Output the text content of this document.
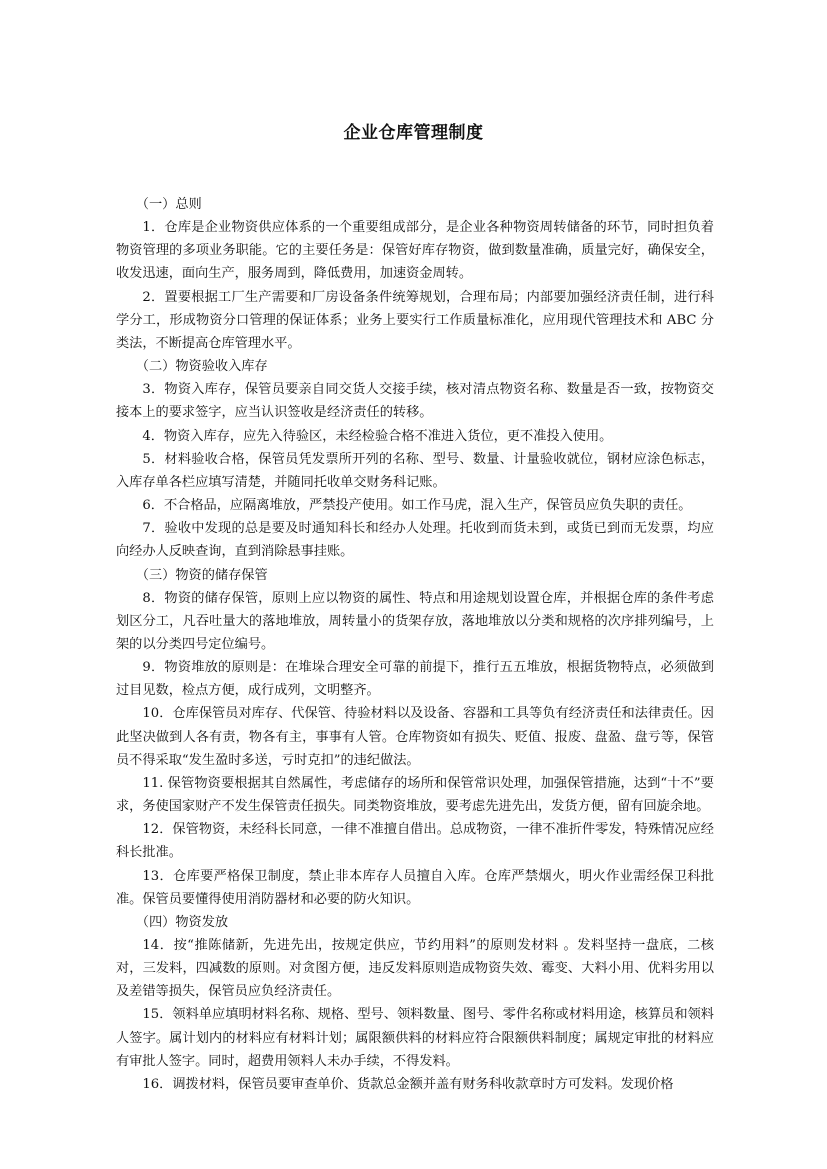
企业仓库管理制度

（一）总则

1．仓库是企业物资供应体系的一个重要组成部分，是企业各种物资周转储备的环节，同时担负着物资管理的多项业务职能。它的主要任务是：保管好库存物资，做到数量准确，质量完好，确保安全，收发迅速，面向生产，服务周到，降低费用，加速资金周转。

2．置要根据工厂生产需要和厂房设备条件统筹规划，合理布局；内部要加强经济责任制，进行科学分工，形成物资分口管理的保证体系；业务上要实行工作质量标准化，应用现代管理技术和 ABC 分类法，不断提高仓库管理水平。

（二）物资验收入库存

3．物资入库存，保管员要亲自同交货人交接手续，核对清点物资名称、数量是否一致，按物资交接本上的要求签字，应当认识签收是经济责任的转移。

4．物资入库存，应先入待验区，未经检验合格不准进入货位，更不准投入使用。

5．材料验收合格，保管员凭发票所开列的名称、型号、数量、计量验收就位，钢材应涂色标志，入库存单各栏应填写清楚，并随同托收单交财务科记账。

6．不合格品，应隔离堆放，严禁投产使用。如工作马虎，混入生产，保管员应负失职的责任。

7．验收中发现的总是要及时通知科长和经办人处理。托收到而货未到，或货已到而无发票，均应向经办人反映查询，直到消除悬事挂账。

（三）物资的储存保管

8．物资的储存保管，原则上应以物资的属性、特点和用途规划设置仓库，并根据仓库的条件考虑划区分工，凡吞吐量大的落地堆放，周转量小的货架存放，落地堆放以分类和规格的次序排列编号，上架的以分类四号定位编号。

9．物资堆放的原则是：在堆垛合理安全可靠的前提下，推行五五堆放，根据货物特点，必须做到过目见数，检点方便，成行成列，文明整齐。

10．仓库保管员对库存、代保管、待验材料以及设备、容器和工具等负有经济责任和法律责任。因此坚决做到人各有责，物各有主，事事有人管。仓库物资如有损失、贬值、报废、盘盈、盘亏等，保管员不得采取“发生盈时多送，亏时克扣”的违纪做法。

11. 保管物资要根据其自然属性，考虑储存的场所和保管常识处理，加强保管措施，达到“十不”要求，务使国家财产不发生保管责任损失。同类物资堆放，要考虑先进先出，发货方便，留有回旋余地。

12．保管物资，未经科长同意，一律不准擅自借出。总成物资，一律不准折件零发，特殊情况应经科长批准。

13．仓库要严格保卫制度，禁止非本库存人员擅自入库。仓库严禁烟火，明火作业需经保卫科批准。保管员要懂得使用消防器材和必要的防火知识。

（四）物资发放

14．按“推陈储新，先进先出，按规定供应，节约用料”的原则发材料 。发料坚持一盘底，二核对，三发料，四减数的原则。对贪图方便，违反发料原则造成物资失效、霉变、大料小用、优料劣用以及差错等损失，保管员应负经济责任。

15．领料单应填明材料名称、规格、型号、领料数量、图号、零件名称或材料用途，核算员和领料人签字。属计划内的材料应有材料计划；属限额供料的材料应符合限额供料制度；属规定审批的材料应有审批人签字。同时，超费用领料人未办手续，不得发料。

16．调拨材料，保管员要审查单价、货款总金额并盖有财务科收款章时方可发料。发现价格
